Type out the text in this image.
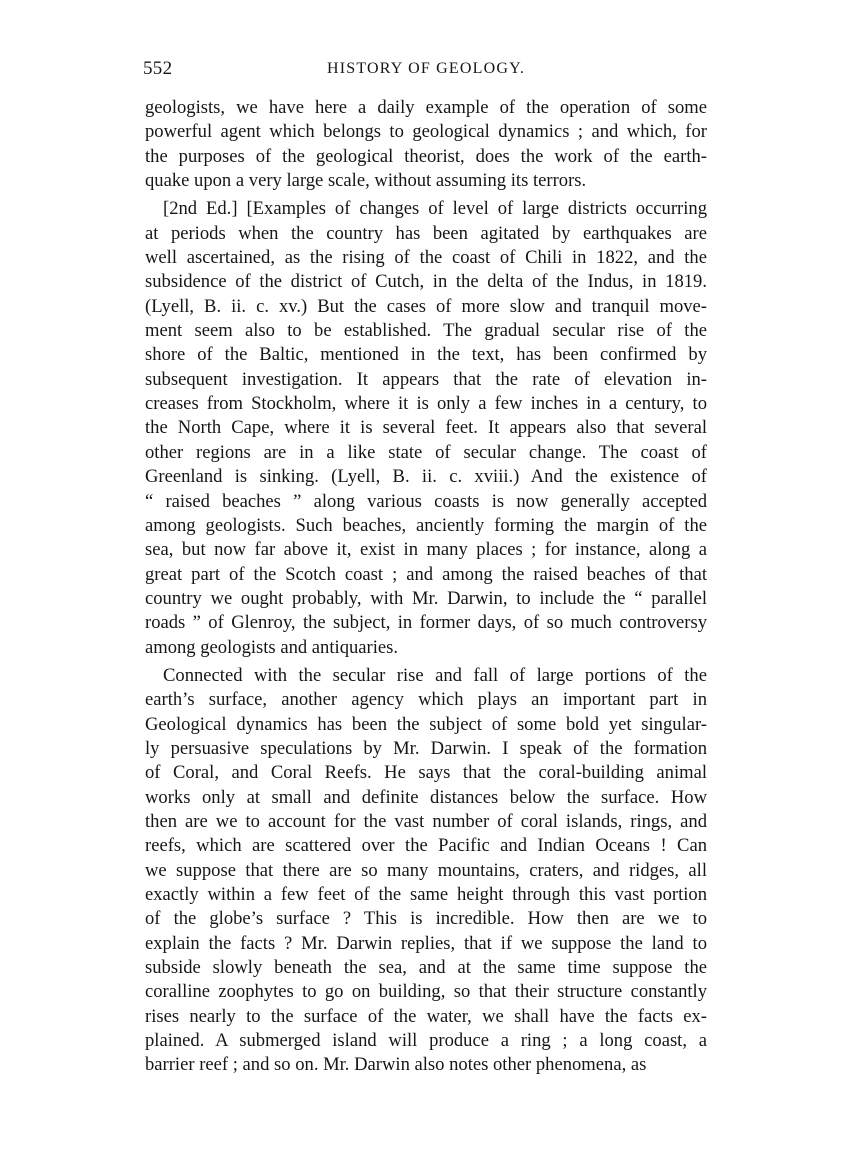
552	HISTORY OF GEOLOGY.

geologists, we have here a daily example of the operation of some
powerful agent which belongs to geological dynamics ; and which, for
the purposes of the geological theorist, does the work of the earth-
quake upon a very large scale, without assuming its terrors.

[2nd Ed.] [Examples of changes of level of large districts occurring
at periods when the country has been agitated by earthquakes are
well ascertained, as the rising of the coast of Chili in 1822, and the
subsidence of the district of Cutch, in the delta of the Indus, in 1819.
(Lyell, B. ii. c. xv.) But the cases of more slow and tranquil move-
ment seem also to be established. The gradual secular rise of the
shore of the Baltic, mentioned in the text, has been confirmed by
subsequent investigation. It appears that the rate of elevation in-
creases from Stockholm, where it is only a few inches in a century, to
the North Cape, where it is several feet. It appears also that several
other regions are in a like state of secular change. The coast of
Greenland is sinking. (Lyell, B. ii. c. xviii.) And the existence of
“ raised beaches ” along various coasts is now generally accepted
among geologists. Such beaches, anciently forming the margin of the
sea, but now far above it, exist in many places ; for instance, along a
great part of the Scotch coast ; and among the raised beaches of that
country we ought probably, with Mr. Darwin, to include the “ parallel
roads ” of Glenroy, the subject, in former days, of so much controversy
among geologists and antiquaries.

Connected with the secular rise and fall of large portions of the
earth’s surface, another agency which plays an important part in
Geological dynamics has been the subject of some bold yet singular-
ly persuasive speculations by Mr. Darwin. I speak of the formation
of Coral, and Coral Reefs. He says that the coral-building animal
works only at small and definite distances below the surface. How
then are we to account for the vast number of coral islands, rings, and
reefs, which are scattered over the Pacific and Indian Oceans ! Can
we suppose that there are so many mountains, craters, and ridges, all
exactly within a few feet of the same height through this vast portion
of the globe’s surface ? This is incredible. How then are we to
explain the facts ? Mr. Darwin replies, that if we suppose the land to
subside slowly beneath the sea, and at the same time suppose the
coralline zoophytes to go on building, so that their structure constantly
rises nearly to the surface of the water, we shall have the facts ex-
plained. A submerged island will produce a ring ; a long coast, a
barrier reef ; and so on. Mr. Darwin also notes other phenomena, as
